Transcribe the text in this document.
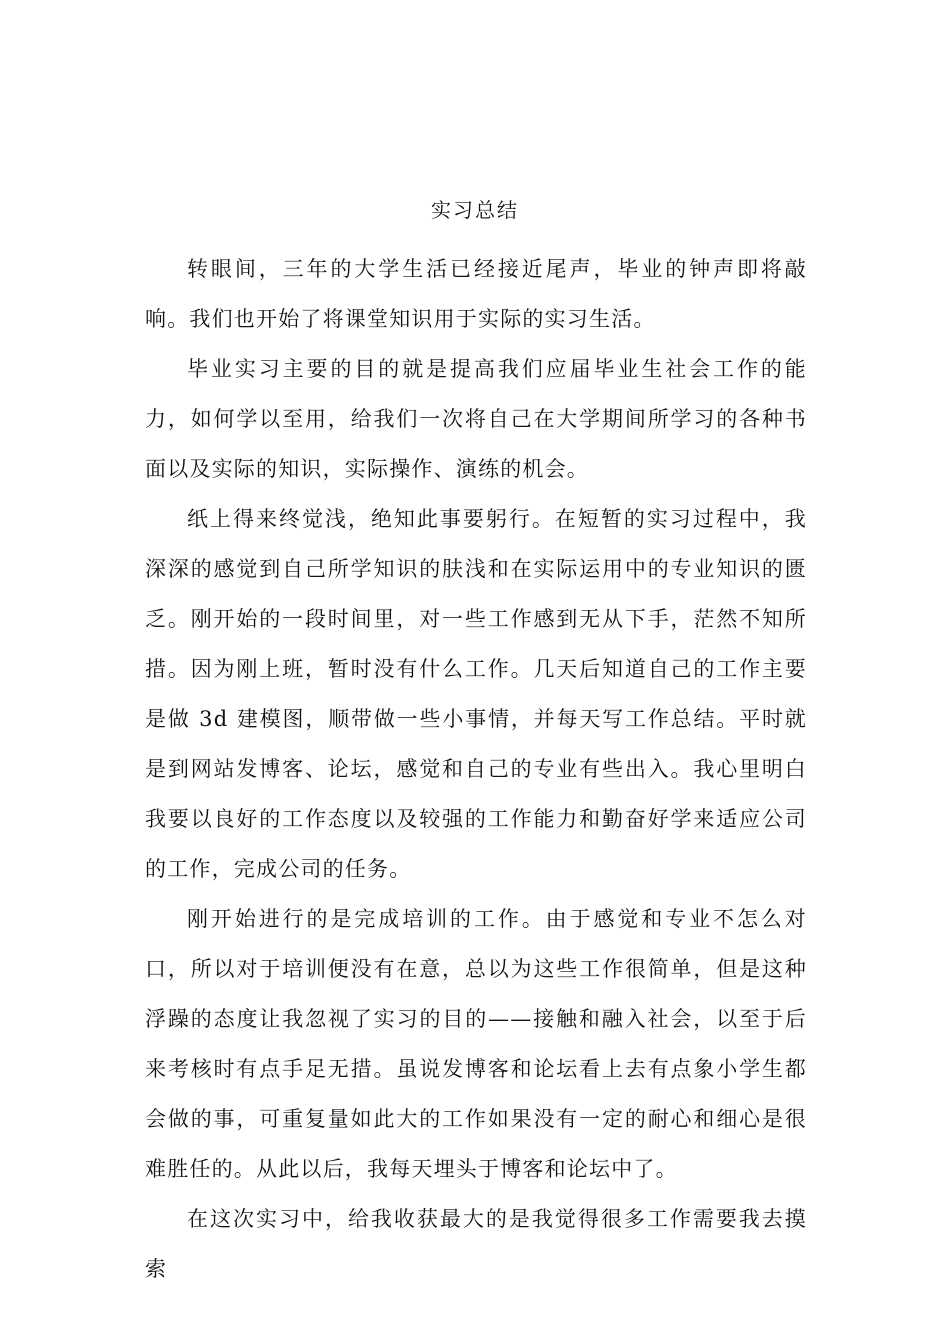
实习总结

转眼间，三年的大学生活已经接近尾声，毕业的钟声即将敲响。我们也开始了将课堂知识用于实际的实习生活。

毕业实习主要的目的就是提高我们应届毕业生社会工作的能力，如何学以至用，给我们一次将自己在大学期间所学习的各种书面以及实际的知识，实际操作、演练的机会。

纸上得来终觉浅，绝知此事要躬行。在短暂的实习过程中，我深深的感觉到自己所学知识的肤浅和在实际运用中的专业知识的匮乏。刚开始的一段时间里，对一些工作感到无从下手，茫然不知所措。因为刚上班，暂时没有什么工作。几天后知道自己的工作主要是做 3d 建模图，顺带做一些小事情，并每天写工作总结。平时就是到网站发博客、论坛，感觉和自己的专业有些出入。我心里明白我要以良好的工作态度以及较强的工作能力和勤奋好学来适应公司的工作，完成公司的任务。

刚开始进行的是完成培训的工作。由于感觉和专业不怎么对口，所以对于培训便没有在意，总以为这些工作很简单，但是这种浮躁的态度让我忽视了实习的目的——接触和融入社会，以至于后来考核时有点手足无措。虽说发博客和论坛看上去有点象小学生都会做的事，可重复量如此大的工作如果没有一定的耐心和细心是很难胜任的。从此以后，我每天埋头于博客和论坛中了。

在这次实习中，给我收获最大的是我觉得很多工作需要我去摸索
